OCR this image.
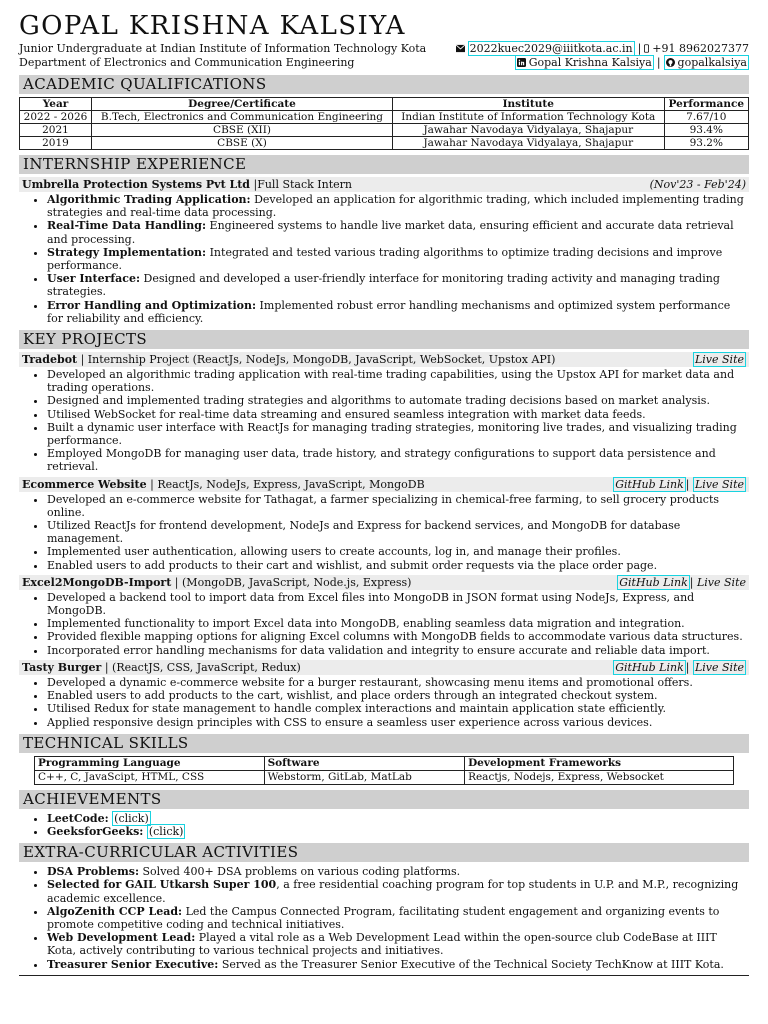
GOPAL KRISHNA KALSIYA
Junior Undergraduate at Indian Institute of Information Technology Kota
Department of Electronics and Communication Engineering
2022kuec2029@iiitkota.ac.in | +91 8962027377
Gopal Krishna Kalsiya | gopalkalsiya
ACADEMIC QUALIFICATIONS
Year	Degree/Certificate	Institute	Performance
2022 - 2026	B.Tech, Electronics and Communication Engineering	Indian Institute of Information Technology Kota	7.67/10
2021	CBSE (XII)	Jawahar Navodaya Vidyalaya, Shajapur	93.4%
2019	CBSE (X)	Jawahar Navodaya Vidyalaya, Shajapur	93.2%
INTERNSHIP EXPERIENCE
Umbrella Protection Systems Pvt Ltd |Full Stack Intern	(Nov'23 - Feb'24)
• Algorithmic Trading Application: Developed an application for algorithmic trading, which included implementing trading strategies and real-time data processing.
• Real-Time Data Handling: Engineered systems to handle live market data, ensuring efficient and accurate data retrieval and processing.
• Strategy Implementation: Integrated and tested various trading algorithms to optimize trading decisions and improve performance.
• User Interface: Designed and developed a user-friendly interface for monitoring trading activity and managing trading strategies.
• Error Handling and Optimization: Implemented robust error handling mechanisms and optimized system performance for reliability and efficiency.
KEY PROJECTS
Tradebot | Internship Project (ReactJs, NodeJs, MongoDB, JavaScript, WebSocket, Upstox API)	Live Site
• Developed an algorithmic trading application with real-time trading capabilities, using the Upstox API for market data and trading operations.
• Designed and implemented trading strategies and algorithms to automate trading decisions based on market analysis.
• Utilised WebSocket for real-time data streaming and ensured seamless integration with market data feeds.
• Built a dynamic user interface with ReactJs for managing trading strategies, monitoring live trades, and visualizing trading performance.
• Employed MongoDB for managing user data, trade history, and strategy configurations to support data persistence and retrieval.
Ecommerce Website | ReactJs, NodeJs, Express, JavaScript, MongoDB	GitHub Link | Live Site
• Developed an e-commerce website for Tathagat, a farmer specializing in chemical-free farming, to sell grocery products online.
• Utilized ReactJs for frontend development, NodeJs and Express for backend services, and MongoDB for database management.
• Implemented user authentication, allowing users to create accounts, log in, and manage their profiles.
• Enabled users to add products to their cart and wishlist, and submit order requests via the place order page.
Excel2MongoDB-Import | (MongoDB, JavaScript, Node.js, Express)	GitHub Link | Live Site
• Developed a backend tool to import data from Excel files into MongoDB in JSON format using NodeJs, Express, and MongoDB.
• Implemented functionality to import Excel data into MongoDB, enabling seamless data migration and integration.
• Provided flexible mapping options for aligning Excel columns with MongoDB fields to accommodate various data structures.
• Incorporated error handling mechanisms for data validation and integrity to ensure accurate and reliable data import.
Tasty Burger | (ReactJS, CSS, JavaScript, Redux)	GitHub Link | Live Site
• Developed a dynamic e-commerce website for a burger restaurant, showcasing menu items and promotional offers.
• Enabled users to add products to the cart, wishlist, and place orders through an integrated checkout system.
• Utilised Redux for state management to handle complex interactions and maintain application state efficiently.
• Applied responsive design principles with CSS to ensure a seamless user experience across various devices.
TECHNICAL SKILLS
Programming Language	Software	Development Frameworks
C++, C, JavaScipt, HTML, CSS	Webstorm, GitLab, MatLab	Reactjs, Nodejs, Express, Websocket
ACHIEVEMENTS
• LeetCode: (click)
• GeeksforGeeks: (click)
EXTRA-CURRICULAR ACTIVITIES
• DSA Problems: Solved 400+ DSA problems on various coding platforms.
• Selected for GAIL Utkarsh Super 100, a free residential coaching program for top students in U.P. and M.P., recognizing academic excellence.
• AlgoZenith CCP Lead: Led the Campus Connected Program, facilitating student engagement and organizing events to promote competitive coding and technical initiatives.
• Web Development Lead: Played a vital role as a Web Development Lead within the open-source club CodeBase at IIIT Kota, actively contributing to various technical projects and initiatives.
• Treasurer Senior Executive: Served as the Treasurer Senior Executive of the Technical Society TechKnow at IIIT Kota.
